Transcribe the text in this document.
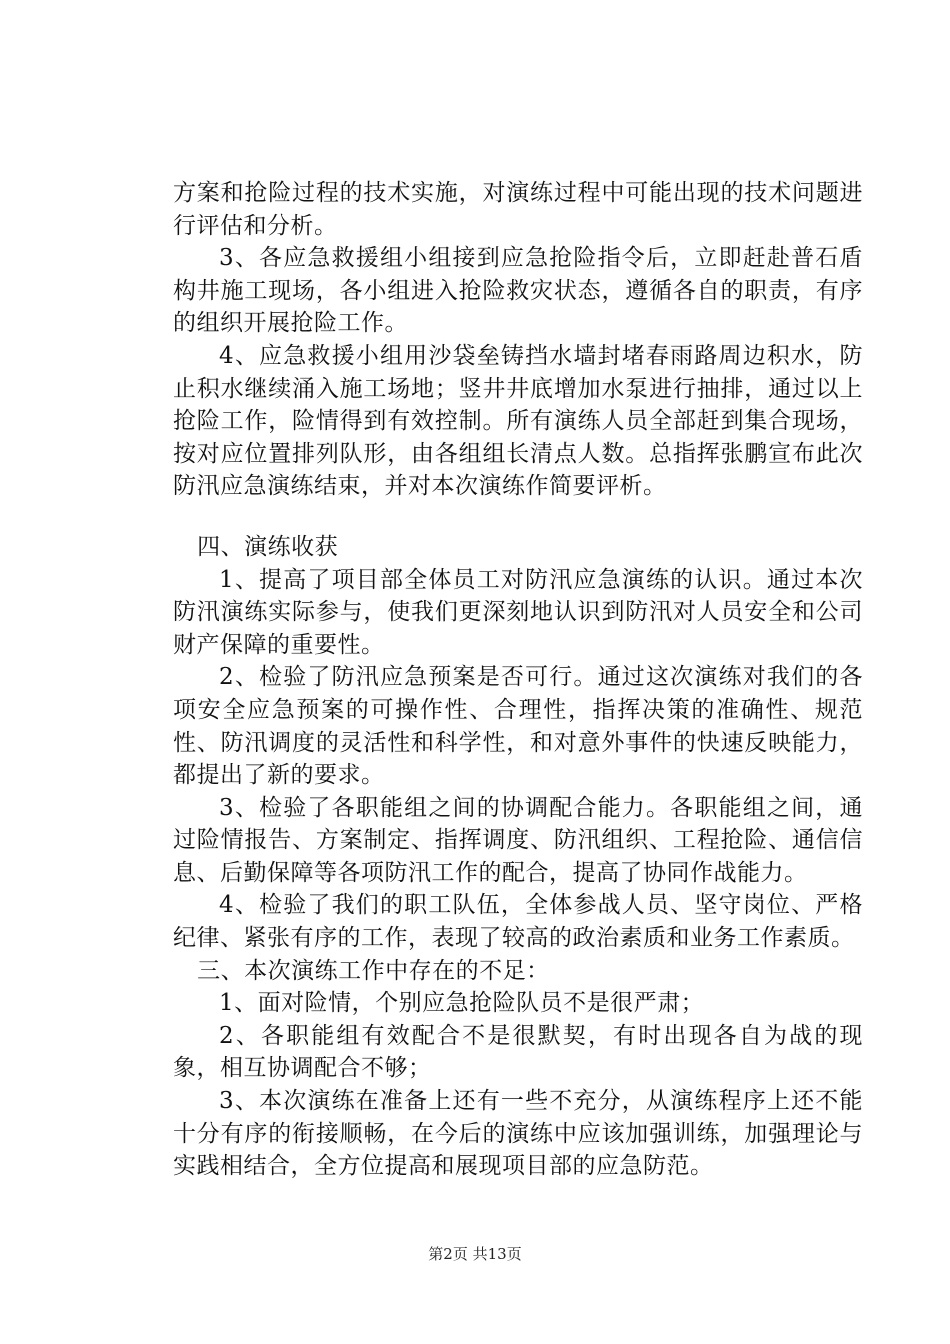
方案和抢险过程的技术实施，对演练过程中可能出现的技术问题进行评估和分析。

3、各应急救援组小组接到应急抢险指令后，立即赶赴普石盾构井施工现场，各小组进入抢险救灾状态，遵循各自的职责，有序的组织开展抢险工作。

4、应急救援小组用沙袋垒铸挡水墙封堵春雨路周边积水，防止积水继续涌入施工场地；竖井井底增加水泵进行抽排，通过以上抢险工作，险情得到有效控制。所有演练人员全部赶到集合现场，按对应位置排列队形，由各组组长清点人数。总指挥张鹏宣布此次防汛应急演练结束，并对本次演练作简要评析。

四、演练收获

1、提高了项目部全体员工对防汛应急演练的认识。通过本次防汛演练实际参与，使我们更深刻地认识到防汛对人员安全和公司财产保障的重要性。

2、检验了防汛应急预案是否可行。通过这次演练对我们的各项安全应急预案的可操作性、合理性，指挥决策的准确性、规范性、防汛调度的灵活性和科学性，和对意外事件的快速反映能力，都提出了新的要求。

3、检验了各职能组之间的协调配合能力。各职能组之间，通过险情报告、方案制定、指挥调度、防汛组织、工程抢险、通信信息、后勤保障等各项防汛工作的配合，提高了协同作战能力。

4、检验了我们的职工队伍，全体参战人员、坚守岗位、严格纪律、紧张有序的工作，表现了较高的政治素质和业务工作素质。

三、本次演练工作中存在的不足：

1、面对险情，个别应急抢险队员不是很严肃；

2、各职能组有效配合不是很默契，有时出现各自为战的现象，相互协调配合不够；

3、本次演练在准备上还有一些不充分，从演练程序上还不能十分有序的衔接顺畅，在今后的演练中应该加强训练，加强理论与实践相结合，全方位提高和展现项目部的应急防范。

第2页 共13页
